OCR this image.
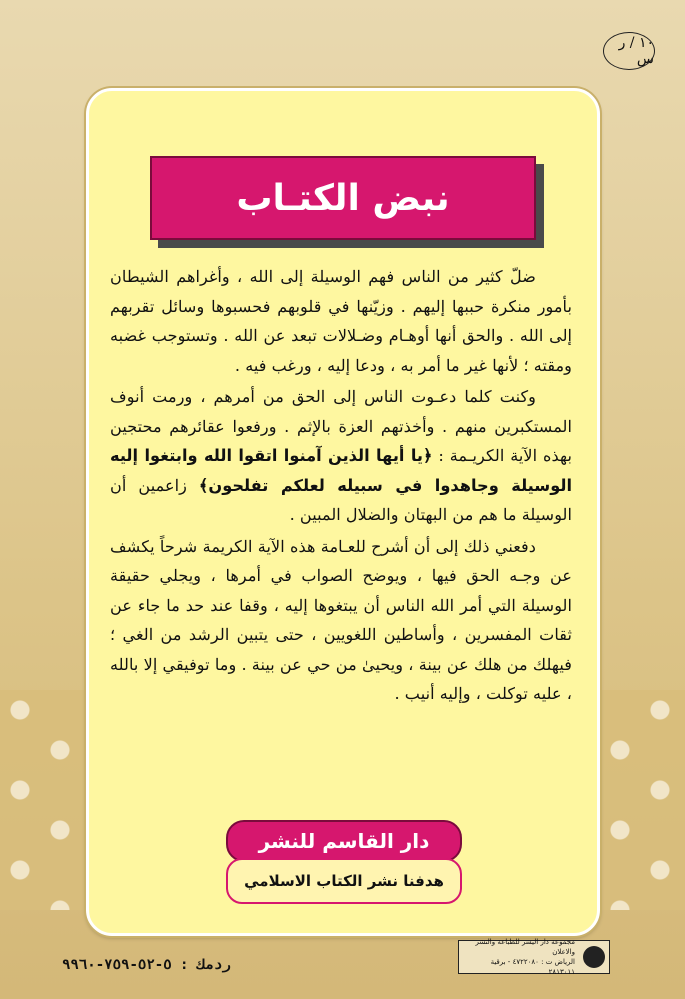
١٠ / ر س
نبض الكتـاب

ضلّ كثير من الناس فهم الوسيلة إلى الله ، وأغراهم الشيطان بأمور منكرة حببها إليهم . وزيّنها في قلوبهم فحسبوها وسائل تقربهم إلى الله . والحق أنها أوهـام وضـلالات تبعد عن الله . وتستوجب غضبه ومقته ؛ لأنها غير ما أمر به ، ودعا إليه ، ورغب فيه .

وكنت كلما دعـوت الناس إلى الحق من أمرهم ، ورمت أنوف المستكبرين منهم . وأخذتهم العزة بالإثم . ورفعوا عقائرهم محتجين بهذه الآية الكريـمة : ﴿يا أيها الذين آمنوا اتقوا الله وابتغوا إليه الوسيلة وجاهدوا في سبيله لعلكم تفلحون﴾ زاعمين أن الوسيلة ما هم من البهتان والضلال المبين .

دفعني ذلك إلى أن أشرح للعـامة هذه الآية الكريمة شرحاً يكشف عن وجـه الحق فيها ، ويوضح الصواب في أمرها ، ويجلي حقيقة الوسيلة التي أمر الله الناس أن يبتغوها إليه ، وقفا عند حد ما جاء عن ثقات المفسرين ، وأساطين اللغويين ، حتى يتبين الرشد من الغي ؛ فيهلك من هلك عن بينة ، ويحيىٰ من حي عن بينة . وما توفيقي إلا بالله ، عليه توكلت ، وإليه أنيب .

دار القاسم للنشر
هدفنا نشر الكتاب الاسلامي
مجموعة دار اليسر للطباعة والنشر والاعلان
الرياض ت : ٤٧٢٢٠٨٠ - برقية ٢٨١٣٠١١
ردمك : ٥-٥٢-٧٥٩-٩٩٦٠
